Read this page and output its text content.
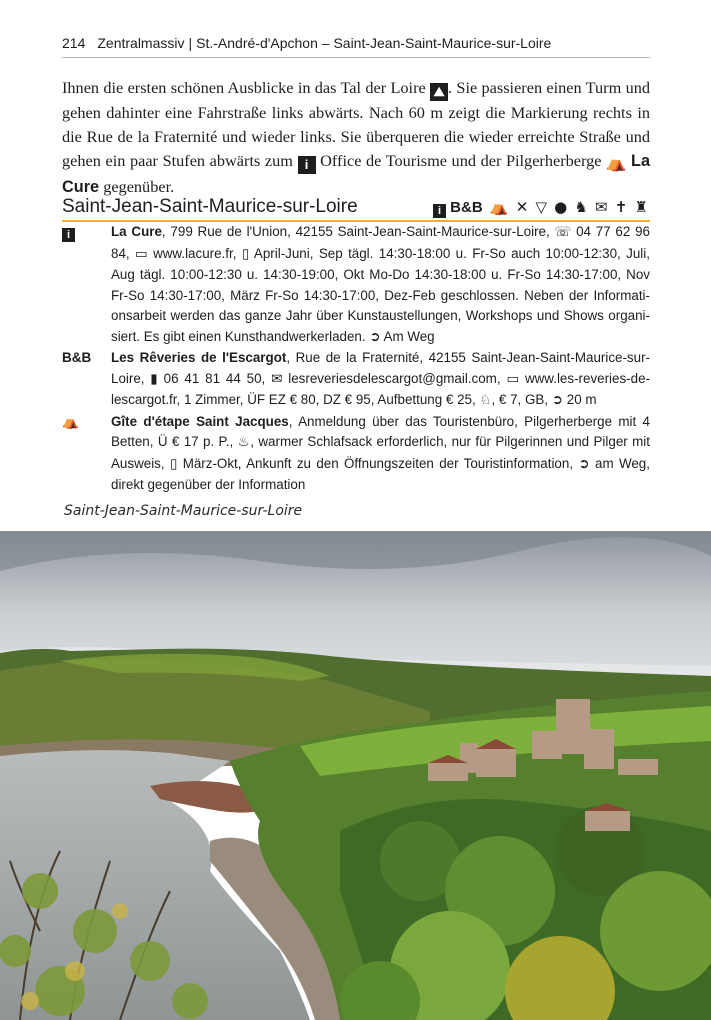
214 Zentralmassiv | St.-André-d'Apchon – Saint-Jean-Saint-Maurice-sur-Loire
Ihnen die ersten schönen Ausblicke in das Tal der Loire ⛰ . Sie passieren einen Turm und gehen dahinter eine Fahrstraße links abwärts. Nach 60 m zeigt die Markierung rechts in die Rue de la Fraternité und wieder links. Sie überqueren die wieder erreichte Straße und gehen ein paar Stufen abwärts zum i Office de Tourisme und der Pilgerherberge ⛺ La Cure gegenüber.
Saint-Jean-Saint-Maurice-sur-Loire	i B&B ⛺ ✕ ▽ ● ♞ ✉ ✝ ♜
i	La Cure, 799 Rue de l'Union, 42155 Saint-Jean-Saint-Maurice-sur-Loire, ☏ 04 77 62 96 84, ▭ www.lacure.fr, ▯ April-Juni, Sep tägl. 14:30-18:00 u. Fr-So auch 10:00-12:30, Juli, Aug tägl. 10:00-12:30 u. 14:30-19:00, Okt Mo-Do 14:30-18:00 u. Fr-So 14:30-17:00, Nov Fr-So 14:30-17:00, März Fr-So 14:30-17:00, Dez-Feb geschlossen. Neben der Informationsarbeit werden das ganze Jahr über Kunstaustellungen, Workshops und Shows organisiert. Es gibt einen Kunsthandwerkerladen. ➲ Am Weg
B&B Les Rêveries de l'Escargot, Rue de la Fraternité, 42155 Saint-Jean-Saint-Maurice-sur-Loire, ▮ 06 41 81 44 50, ✉ lesreveriesdelescargot@gmail.com, ▭ www.les-reveries-delescargot.fr, 1 Zimmer, ÜF EZ € 80, DZ € 95, Aufbettung € 25, ♘, € 7, GB, ➲ 20 m
⛺ Gîte d'étape Saint Jacques, Anmeldung über das Touristenbüro, Pilgerherberge mit 4 Betten, Ü € 17 p. P., ♨, warmer Schlafsack erforderlich, nur für Pilgerinnen und Pilger mit Ausweis, ▯ März-Okt, Ankunft zu den Öffnungszeiten der Touristinformation, ➲ am Weg, direkt gegenüber der Information
Saint-Jean-Saint-Maurice-sur-Loire
